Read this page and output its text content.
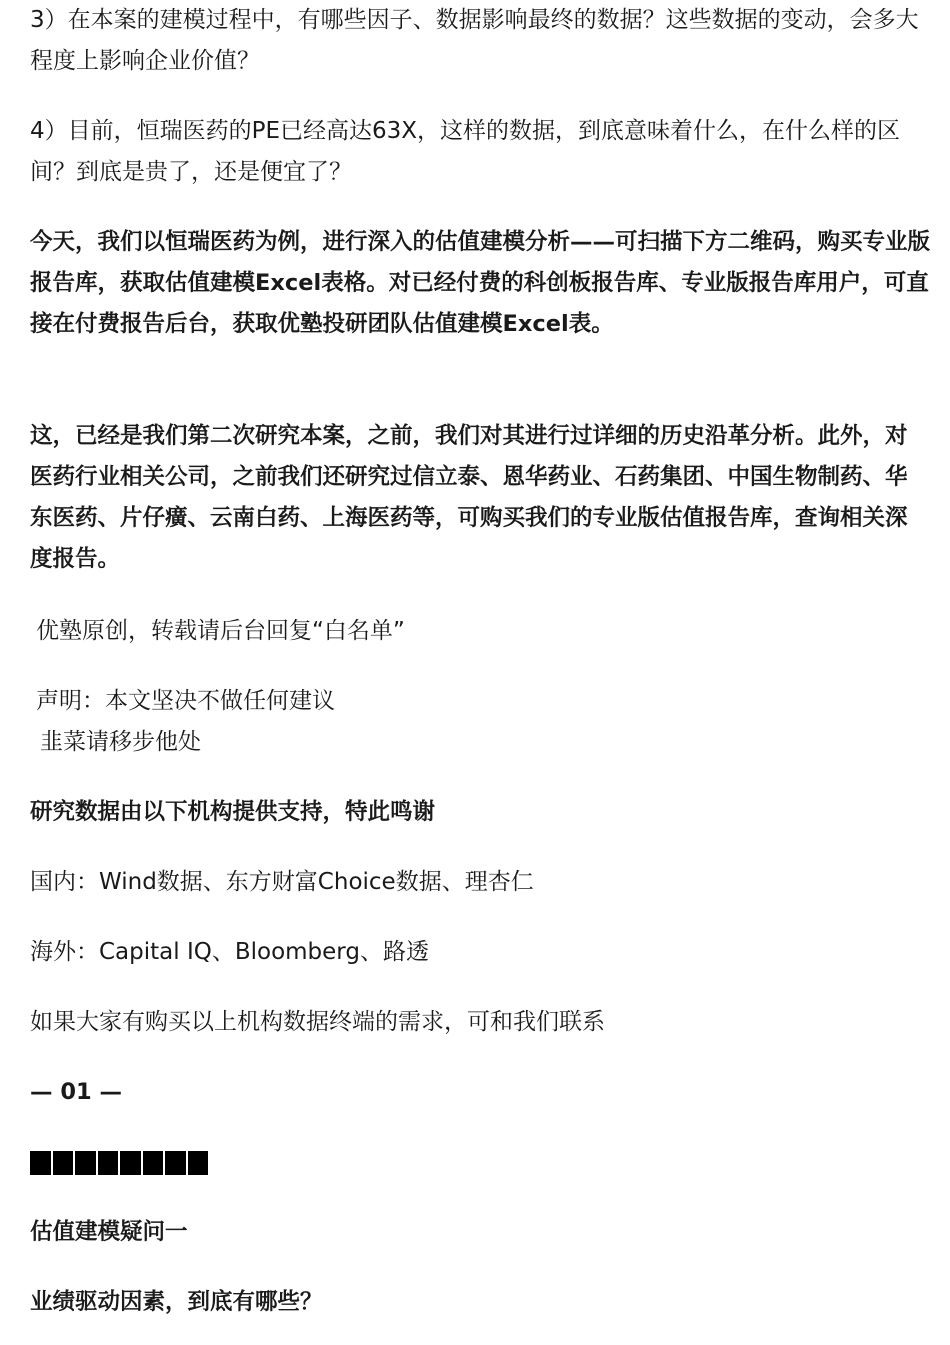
3）在本案的建模过程中，有哪些因子、数据影响最终的数据？这些数据的变动，会多大程度上影响企业价值？

4）目前，恒瑞医药的PE已经高达63X，这样的数据，到底意味着什么，在什么样的区间？到底是贵了，还是便宜了？

今天，我们以恒瑞医药为例，进行深入的估值建模分析——可扫描下方二维码，购买专业版报告库，获取估值建模Excel表格。对已经付费的科创板报告库、专业版报告库用户，可直接在付费报告后台，获取优塾投研团队估值建模Excel表。

这，已经是我们第二次研究本案，之前，我们对其进行过详细的历史沿革分析。此外，对医药行业相关公司，之前我们还研究过信立泰、恩华药业、石药集团、中国生物制药、华东医药、片仔癀、云南白药、上海医药等，可购买我们的专业版估值报告库，查询相关深度报告。

优塾原创，转载请后台回复“白名单”

声明：本文坚决不做任何建议

韭菜请移步他处

研究数据由以下机构提供支持，特此鸣谢

国内：Wind数据、东方财富Choice数据、理杏仁

海外：Capital IQ、Bloomberg、路透

如果大家有购买以上机构数据终端的需求，可和我们联系

— 01 —

估值建模疑问一

业绩驱动因素，到底有哪些？
